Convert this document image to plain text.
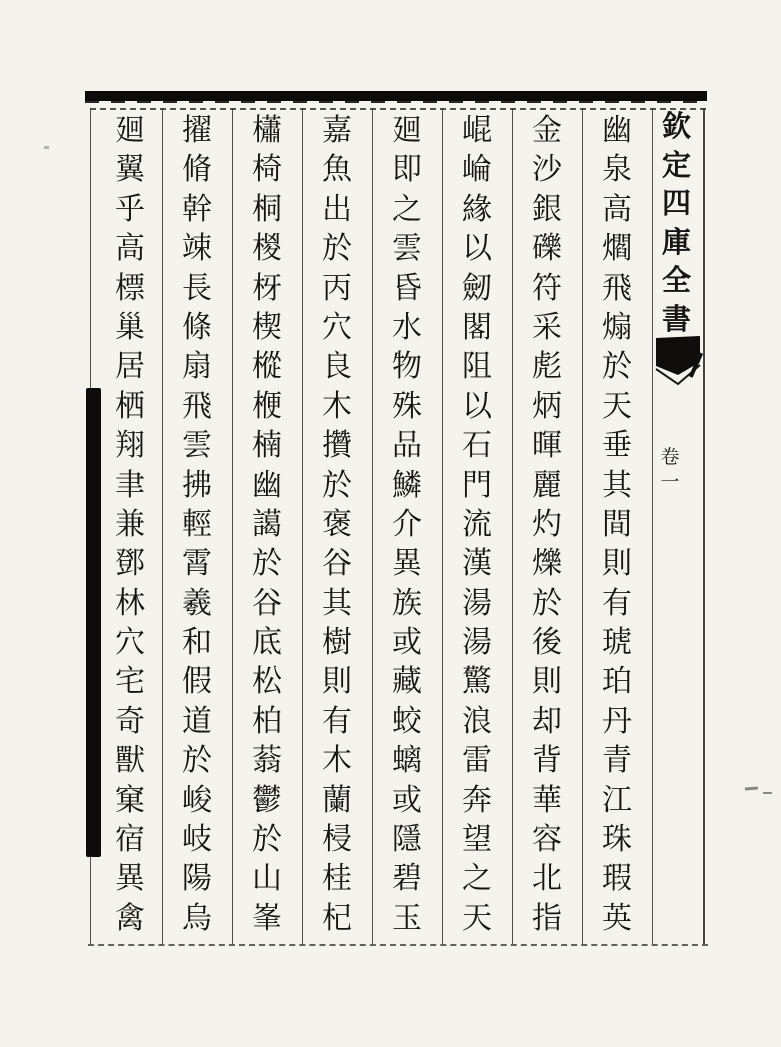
欽
定
四
庫
全
書
卷
一
幽
泉
高
爓
飛
煽
於
天
垂
其
間
則
有
琥
珀
丹
青
江
珠
瑕
英
金
沙
銀
礫
符
采
彪
炳
暉
麗
灼
爍
於
後
則
却
背
華
容
北
指
崐
崘
緣
以
劒
閣
阻
以
石
門
流
漢
湯
湯
驚
浪
雷
奔
望
之
天
廻
即
之
雲
昏
水
物
殊
品
鱗
介
異
族
或
藏
蛟
螭
或
隱
碧
玉
嘉
魚
出
於
丙
穴
良
木
攢
於
褒
谷
其
樹
則
有
木
蘭
梫
桂
杞
櫹
椅
桐
椶
枒
楔
樅
楩
楠
幽
譪
於
谷
底
松
柏
蓊
鬱
於
山
峯
擢
脩
幹
竦
長
條
扇
飛
雲
拂
輕
霄
羲
和
假
道
於
峻
岐
陽
烏
廻
翼
乎
高
標
巢
居
栖
翔
聿
兼
鄧
林
穴
宅
奇
獸
窠
宿
異
禽
